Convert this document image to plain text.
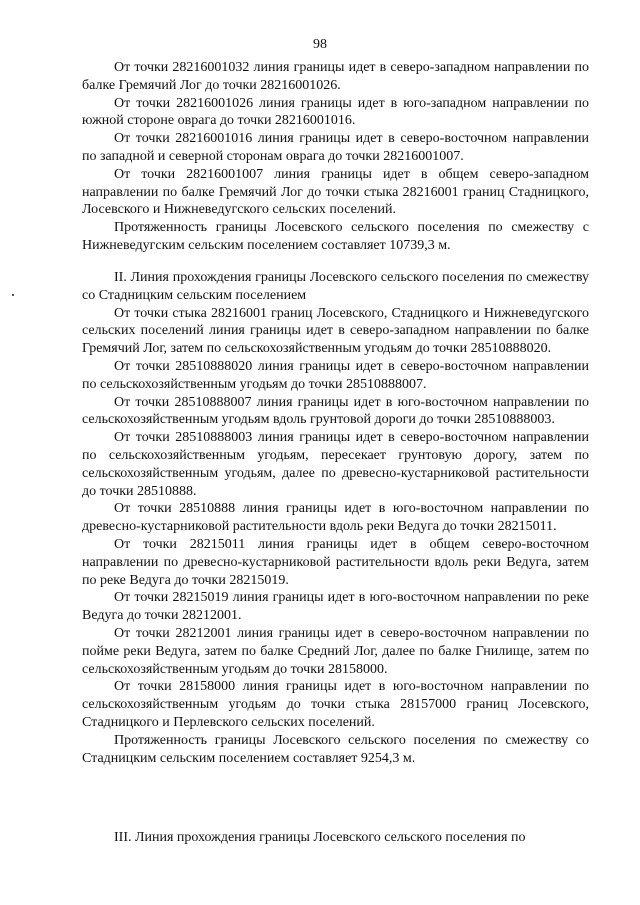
98

От точки 28216001032 линия границы идет в северо-западном направлении по балке Гремячий Лог до точки 28216001026.

От точки 28216001026 линия границы идет в юго-западном направлении по южной стороне оврага до точки 28216001016.

От точки 28216001016 линия границы идет в северо-восточном направлении по западной и северной сторонам оврага до точки 28216001007.

От точки 28216001007 линия границы идет в общем северо-западном направлении по балке Гремячий Лог до точки стыка 28216001 границ Стадницкого, Лосевского и Нижневедугского сельских поселений.

Протяженность границы Лосевского сельского поселения по смежеству с Нижневедугским сельским поселением составляет 10739,3 м.

II. Линия прохождения границы Лосевского сельского поселения по смежеству со Стадницким сельским поселением

От точки стыка 28216001 границ Лосевского, Стадницкого и Нижневедугского сельских поселений линия границы идет в северо-западном направлении по балке Гремячий Лог, затем по сельскохозяйственным угодьям до точки 28510888020.

От точки 28510888020 линия границы идет в северо-восточном направлении по сельскохозяйственным угодьям до точки 28510888007.

От точки 28510888007 линия границы идет в юго-восточном направлении по сельскохозяйственным угодьям вдоль грунтовой дороги до точки 28510888003.

От точки 28510888003 линия границы идет в северо-восточном направлении по сельскохозяйственным угодьям, пересекает грунтовую дорогу, затем по сельскохозяйственным угодьям, далее по древесно-кустарниковой растительности до точки 28510888.

От точки 28510888 линия границы идет в юго-восточном направлении по древесно-кустарниковой растительности вдоль реки Ведуга до точки 28215011.

От точки 28215011 линия границы идет в общем северо-восточном направлении по древесно-кустарниковой растительности вдоль реки Ведуга, затем по реке Ведуга до точки 28215019.

От точки 28215019 линия границы идет в юго-восточном направлении по реке Ведуга до точки 28212001.

От точки 28212001 линия границы идет в северо-восточном направлении по пойме реки Ведуга, затем по балке Средний Лог, далее по балке Гнилище, затем по сельскохозяйственным угодьям до точки 28158000.

От точки 28158000 линия границы идет в юго-восточном направлении по сельскохозяйственным угодьям до точки стыка 28157000 границ Лосевского, Стадницкого и Перлевского сельских поселений.

Протяженность границы Лосевского сельского поселения по смежеству со Стадницким сельским поселением составляет 9254,3 м.

III. Линия прохождения границы Лосевского сельского поселения по
